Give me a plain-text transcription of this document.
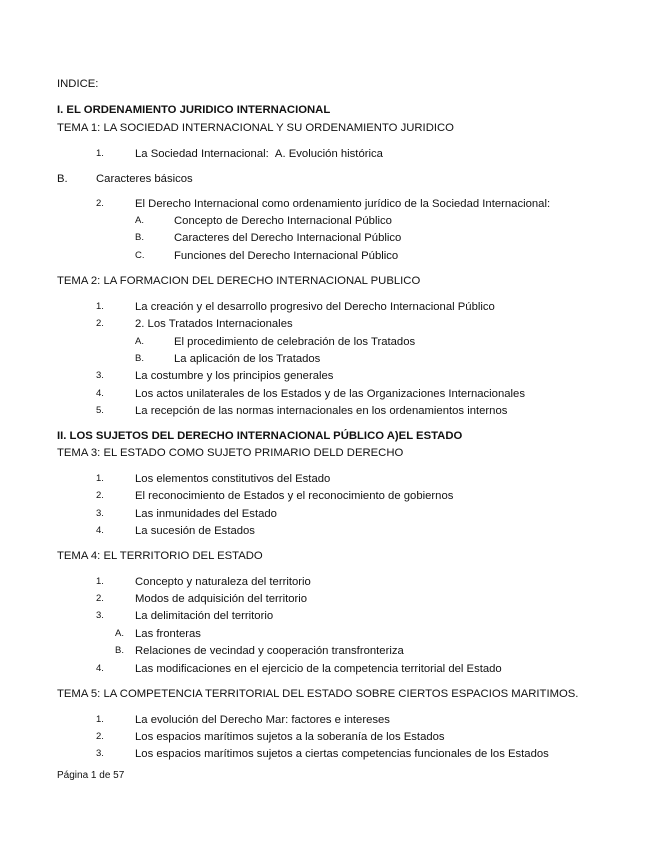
INDICE:
I. EL ORDENAMIENTO JURIDICO INTERNACIONAL
TEMA 1: LA SOCIEDAD INTERNACIONAL Y SU ORDENAMIENTO JURIDICO
1.	La Sociedad Internacional: A. Evolución histórica
B.	Caracteres básicos
2.	El Derecho Internacional como ordenamiento jurídico de la Sociedad Internacional:
A.	Concepto de Derecho Internacional Público
B.	Caracteres del Derecho Internacional Público
C.	Funciones del Derecho Internacional Público
TEMA 2: LA FORMACION DEL DERECHO INTERNACIONAL PUBLICO
1.	La creación y el desarrollo progresivo del Derecho Internacional Público
2.	2. Los Tratados Internacionales
A.	El procedimiento de celebración de los Tratados
B.	La aplicación de los Tratados
3.	La costumbre y los principios generales
4.	Los actos unilaterales de los Estados y de las Organizaciones Internacionales
5.	La recepción de las normas internacionales en los ordenamientos internos
II. LOS SUJETOS DEL DERECHO INTERNACIONAL PÚBLICO A)EL ESTADO
TEMA 3: EL ESTADO COMO SUJETO PRIMARIO DELD DERECHO
1.	Los elementos constitutivos del Estado
2.	El reconocimiento de Estados y el reconocimiento de gobiernos
3.	Las inmunidades del Estado
4.	La sucesión de Estados
TEMA 4: EL TERRITORIO DEL ESTADO
1.	Concepto y naturaleza del territorio
2.	Modos de adquisición del territorio
3.	La delimitación del territorio
A. Las fronteras
B. Relaciones de vecindad y cooperación transfronteriza
4.	Las modificaciones en el ejercicio de la competencia territorial del Estado
TEMA 5: LA COMPETENCIA TERRITORIAL DEL ESTADO SOBRE CIERTOS ESPACIOS MARITIMOS.
1.	La evolución del Derecho Mar: factores e intereses
2.	Los espacios marítimos sujetos a la soberanía de los Estados
3.	Los espacios marítimos sujetos a ciertas competencias funcionales de los Estados
Página 1 de 57
